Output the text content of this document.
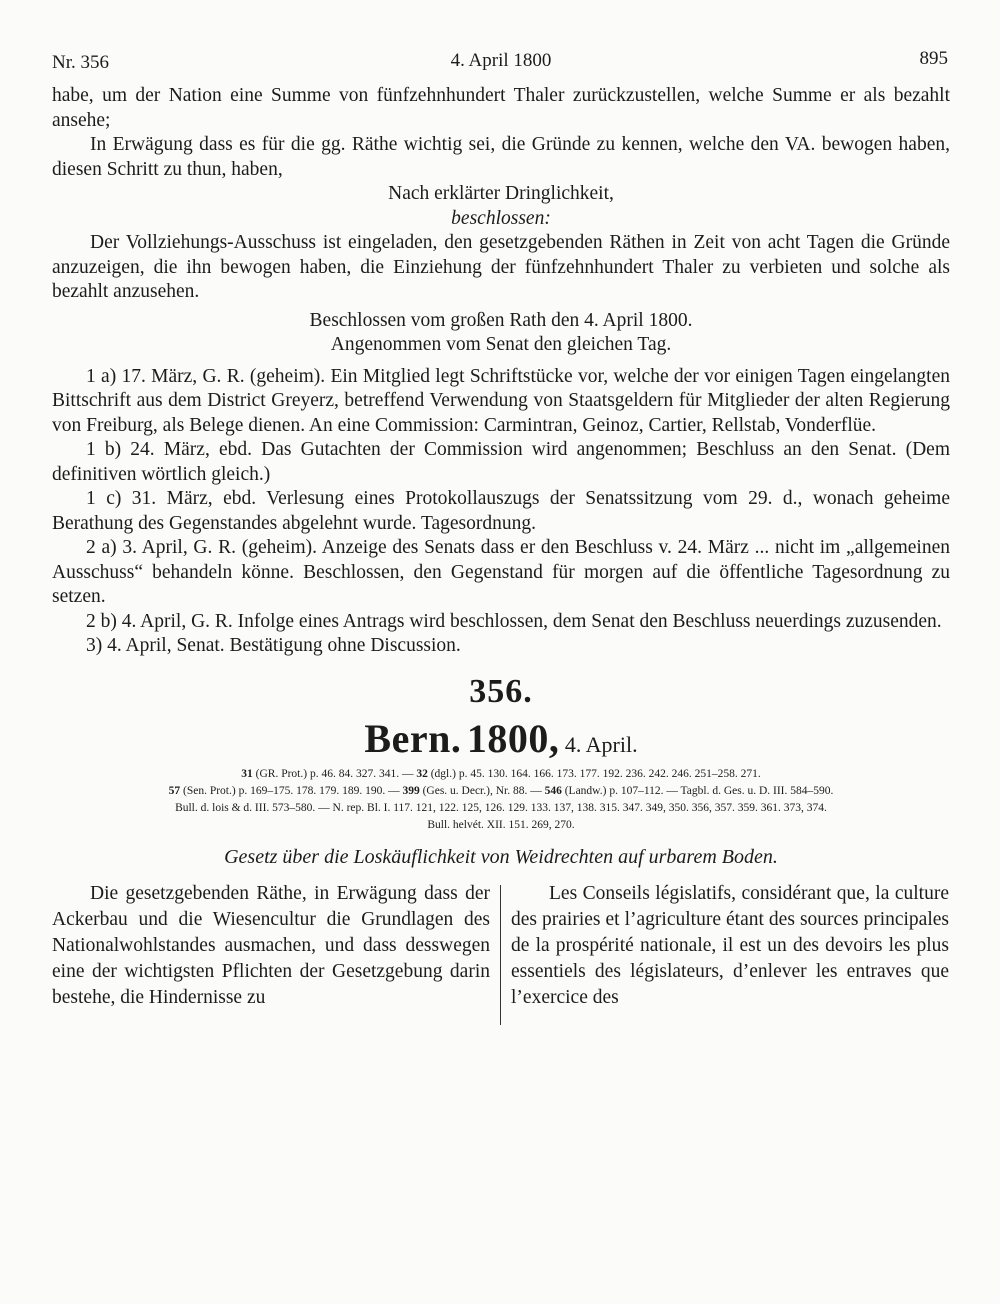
Nr. 356	4. April 1800	895

habe, um der Nation eine Summe von fünfzehnhundert Thaler zurückzustellen, welche Summe er als bezahlt ansehe;

In Erwägung dass es für die gg. Räthe wichtig sei, die Gründe zu kennen, welche den VA. bewogen haben, diesen Schritt zu thun, haben,

Nach erklärter Dringlichkeit,

beschlossen:

Der Vollziehungs-Ausschuss ist eingeladen, den gesetzgebenden Räthen in Zeit von acht Tagen die Gründe anzuzeigen, die ihn bewogen haben, die Einziehung der fünfzehnhundert Thaler zu verbieten und solche als bezahlt anzusehen.

Beschlossen vom großen Rath den 4. April 1800.

Angenommen vom Senat den gleichen Tag.

1 a) 17. März, G. R. (geheim). Ein Mitglied legt Schriftstücke vor, welche der vor einigen Tagen eingelangten Bittschrift aus dem District Greyerz, betreffend Verwendung von Staatsgeldern für Mitglieder der alten Regierung von Freiburg, als Belege dienen. An eine Commission: Carmintran, Geinoz, Cartier, Rellstab, Vonderflüe.

1 b) 24. März, ebd. Das Gutachten der Commission wird angenommen; Beschluss an den Senat. (Dem definitiven wörtlich gleich.)

1 c) 31. März, ebd. Verlesung eines Protokollauszugs der Senatssitzung vom 29. d., wonach geheime Berathung des Gegenstandes abgelehnt wurde. Tagesordnung.

2 a) 3. April, G. R. (geheim). Anzeige des Senats dass er den Beschluss v. 24. März ... nicht im „allgemeinen Ausschuss“ behandeln könne. Beschlossen, den Gegenstand für morgen auf die öffentliche Tagesordnung zu setzen.

2 b) 4. April, G. R. Infolge eines Antrags wird beschlossen, dem Senat den Beschluss neuerdings zuzusenden.

3) 4. April, Senat. Bestätigung ohne Discussion.

356.
Bern. 1800, 4. April.
31 (GR. Prot.) p. 46. 84. 327. 341. — 32 (dgl.) p. 45. 130. 164. 166. 173. 177. 192. 236. 242. 246. 251–258. 271.
57 (Sen. Prot.) p. 169–175. 178. 179. 189. 190. — 399 (Ges. u. Decr.), Nr. 88. — 546 (Landw.) p. 107–112. — Tagbl. d. Ges. u. D. III. 584–590.
Bull. d. lois & d. III. 573–580. — N. rep. Bl. I. 117. 121, 122. 125, 126. 129. 133. 137, 138. 315. 347. 349, 350. 356, 357. 359. 361. 373, 374.
Bull. helvét. XII. 151. 269, 270.
Gesetz über die Loskäuflichkeit von Weidrechten auf urbarem Boden.

Die gesetzgebenden Räthe, in Erwägung dass der Ackerbau und die Wiesencultur die Grundlagen des Nationalwohlstandes ausmachen, und dass desswegen eine der wichtigsten Pflichten der Gesetzgebung darin bestehe, die Hindernisse zu

Les Conseils législatifs, considérant que, la culture des prairies et l’agriculture étant des sources principales de la prospérité nationale, il est un des devoirs les plus essentiels des législateurs, d’enlever les entraves que l’exercice des
